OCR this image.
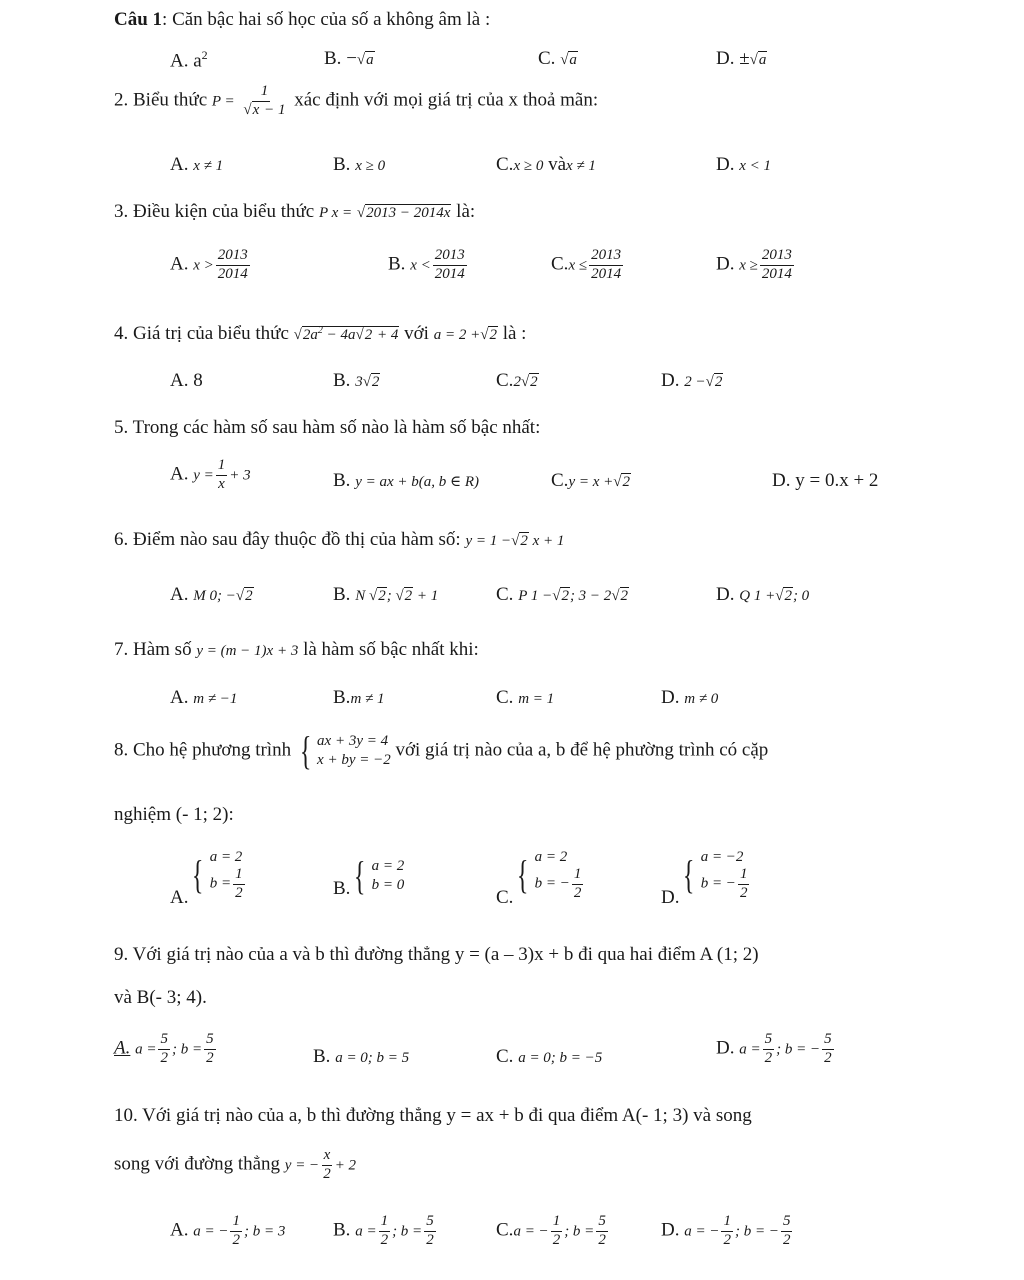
Câu 1: Căn bậc hai số học của số a không âm là :
A. $a^2$	B. −√a	C. √a	D. ±√a
2. Biểu thức $P = \frac{1}{√x - 1}$ xác định với mọi giá trị của x thoả mãn:
A. x ≠ 1	B. x ≥ 0	C.x ≥ 0 vàx ≠ 1	D. x < 1
3. Điều kiện của biểu thức P x = √2013 − 2014x là:
A. $x > \frac{2013}{2014}$	B. $x < \frac{2013}{2014}$	$C.x \le \frac{2013}{2014}$	D. $x \ge \frac{2013}{2014}$
4. Giá trị của biểu thức $√2a^2 - 4a√2 + 4$ với a = 2 +√2 là :
A. 8	B. 3√2	C.2√2	D. 2 −√2
5. Trong các hàm số sau hàm số nào là hàm số bậc nhất:
A. $y = \frac{1}{x} + 3$	B. y = ax + b(a, b ∈ R)	C.y = x +√2	D. y = 0.x + 2
6. Điểm nào sau đây thuộc đồ thị của hàm số: y = 1 −√2 x + 1
A. M 0; −√2	B. N √2; √2 + 1	C. P 1 −√2; 3 − 2√2	D. Q 1 +√2; 0
7. Hàm số y = (m − 1)x + 3 là hàm số bậc nhất khi:
A. m ≠ −1	B.m ≠ 1	C. m = 1	D. m ≠ 0
8. Cho hệ phương trình { ax + 3y = 4
x + by = −2 với giá trị nào của a, b để hệ phường trình có cặp
nghiệm (- 1; 2):
A.
{ a = 2
$b = \frac{1}{2}$	B. { a = 2
b = 0
C.
{ a = 2
b = − $\frac{1}{2}$	D.
{ a = −2
b = − $\frac{1}{2}$
9. Với giá trị nào của a và b thì đường thẳng y = (a – 3)x + b đi qua hai điểm A (1; 2)
và B(- 3; 4).
A. $a = \frac{5}{2}$ ; $b = \frac{5}{2}$	B. a = 0; b = 5	C. a = 0; b = −5	D. $a = \frac{5}{2}$ ; b = − $\frac{5}{2}$
10. Với giá trị nào của a, b thì đường thẳng y = ax + b đi qua điểm A(- 1; 3) và song
song với đường thẳng y = − $\frac{x}{2} + 2$
A. a = − $\frac{1}{2}$ ; b = 3	B. $a = \frac{1}{2}$ ; $b = \frac{5}{2}$	C.a = − $\frac{1}{2}$ ; $b = \frac{5}{2}$	D. a = − $\frac{1}{2}$ ; b = − $\frac{5}{2}$
